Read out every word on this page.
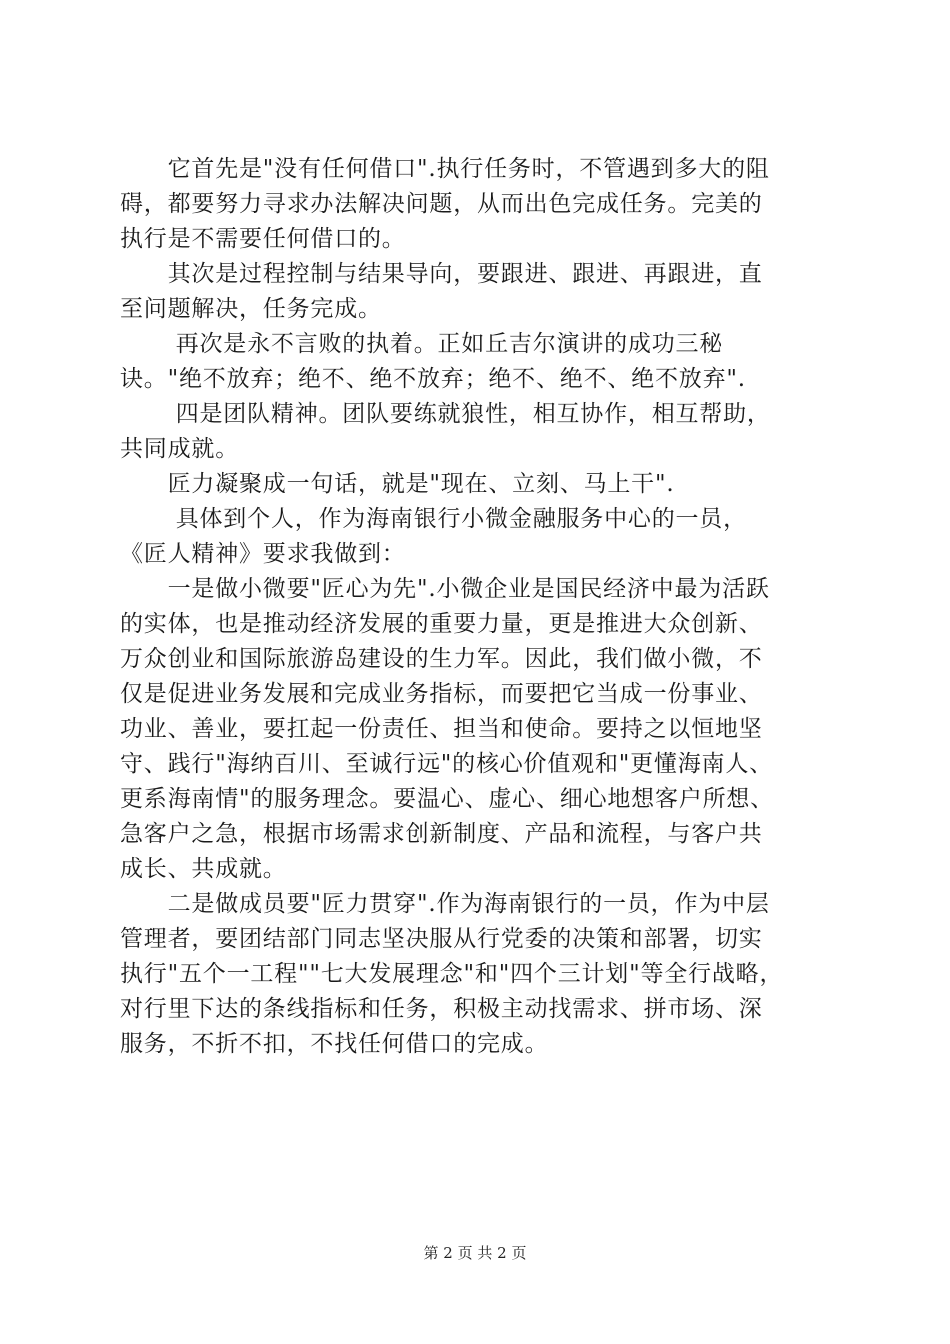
　　它首先是"没有任何借口".执行任务时，不管遇到多大的阻
碍，都要努力寻求办法解决问题，从而出色完成任务。完美的
执行是不需要任何借口的。
　　其次是过程控制与结果导向，要跟进、跟进、再跟进，直
至问题解决，任务完成。
　　 再次是永不言败的执着。正如丘吉尔演讲的成功三秘
诀。"绝不放弃；绝不、绝不放弃；绝不、绝不、绝不放弃".
　　 四是团队精神。团队要练就狼性，相互协作，相互帮助，
共同成就。
　　匠力凝聚成一句话，就是"现在、立刻、马上干".
　　 具体到个人，作为海南银行小微金融服务中心的一员，
《匠人精神》要求我做到：
　　一是做小微要"匠心为先".小微企业是国民经济中最为活跃
的实体，也是推动经济发展的重要力量，更是推进大众创新、
万众创业和国际旅游岛建设的生力军。因此，我们做小微，不
仅是促进业务发展和完成业务指标，而要把它当成一份事业、
功业、善业，要扛起一份责任、担当和使命。要持之以恒地坚
守、践行"海纳百川、至诚行远"的核心价值观和"更懂海南人、
更系海南情"的服务理念。要温心、虚心、细心地想客户所想、
急客户之急，根据市场需求创新制度、产品和流程，与客户共
成长、共成就。
　　二是做成员要"匠力贯穿".作为海南银行的一员，作为中层
管理者，要团结部门同志坚决服从行党委的决策和部署，切实
执行"五个一工程""七大发展理念"和"四个三计划"等全行战略，
对行里下达的条线指标和任务，积极主动找需求、拼市场、深
服务，不折不扣，不找任何借口的完成。
第 2 页 共 2 页
